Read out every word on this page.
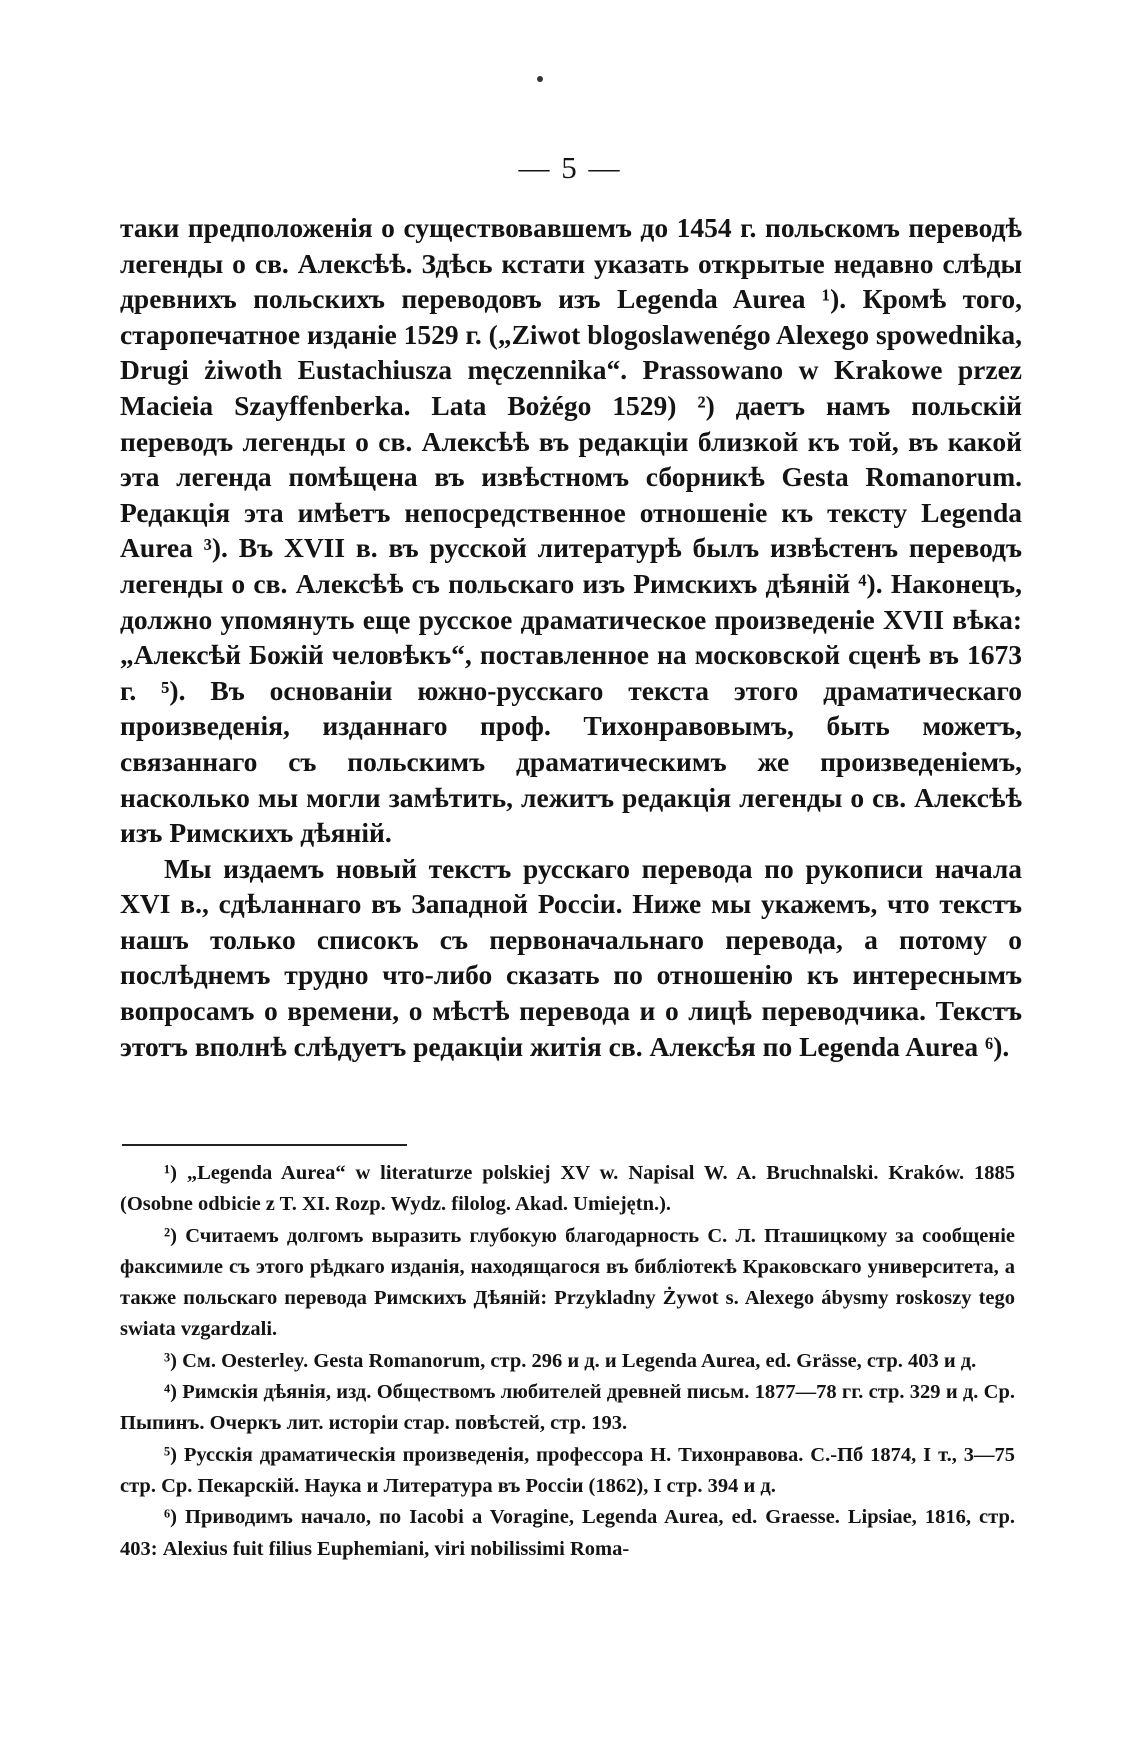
— 5 —

таки предположенія о существовавшемъ до 1454 г. польскомъ переводѣ легенды о св. Алексѣѣ. Здѣсь кстати указать открытые недавно слѣды древнихъ польскихъ переводовъ изъ Legenda Aurea ¹). Кромѣ того, старопечатное изданіе 1529 г. („Ziwot blogoslawenégo Alexego spowednika, Drugi żiwoth Eustachiusza męczennika“. Prassowano w Krakowe przez Macieia Szayffenberka. Lata Bożégo 1529) ²) даетъ намъ польскій переводъ легенды о св. Алексѣѣ въ редакціи близкой къ той, въ какой эта легенда помѣщена въ извѣстномъ сборникѣ Gesta Romanorum. Редакція эта имѣетъ непосредственное отношеніе къ тексту Legenda Aurea ³). Въ XVII в. въ русской литературѣ былъ извѣстенъ переводъ легенды о св. Алексѣѣ съ польскаго изъ Римскихъ дѣяній ⁴). Наконецъ, должно упомянуть еще русское драматическое произведеніе XVII вѣка: „Алексѣй Божій человѣкъ“, поставленное на московской сценѣ въ 1673 г. ⁵). Въ основаніи южно-русскаго текста этого драматическаго произведенія, изданнаго проф. Тихонравовымъ, быть можетъ, связаннаго съ польскимъ драматическимъ же произведеніемъ, насколько мы могли замѣтить, лежитъ редакція легенды о св. Алексѣѣ изъ Римскихъ дѣяній.

Мы издаемъ новый текстъ русскаго перевода по рукописи начала XVI в., сдѣланнаго въ Западной Россіи. Ниже мы укажемъ, что текстъ нашъ только списокъ съ первоначальнаго перевода, а потому о послѣднемъ трудно что-либо сказать по отношенію къ интереснымъ вопросамъ о времени, о мѣстѣ перевода и о лицѣ переводчика. Текстъ этотъ вполнѣ слѣдуетъ редакціи житія св. Алексѣя по Legenda Aurea ⁶).

¹) „Legenda Aurea“ w literaturze polskiej XV w. Napisal W. A. Bruchnalski. Kraków. 1885 (Osobne odbicie z T. XI. Rozp. Wydz. filolog. Akad. Umiejętn.).

²) Считаемъ долгомъ выразить глубокую благодарность С. Л. Пташицкому за сообщеніе факсимиле съ этого рѣдкаго изданія, находящагося въ библіотекѣ Краковскаго университета, а также польскаго перевода Римскихъ Дѣяній: Przykladny Żywot s. Alexego ábysmy roskoszy tego swiata vzgardzali.

³) См. Oesterley. Gesta Romanorum, стр. 296 и д. и Legenda Aurea, ed. Grässe, стр. 403 и д.

⁴) Римскія дѣянія, изд. Обществомъ любителей древней письм. 1877—78 гг. стр. 329 и д. Ср. Пыпинъ. Очеркъ лит. исторіи стар. повѣстей, стр. 193.

⁵) Русскія драматическія произведенія, профессора Н. Тихонравова. С.-Пб 1874, I т., 3—75 стр. Ср. Пекарскій. Наука и Литература въ Россіи (1862), I стр. 394 и д.

⁶) Приводимъ начало, по Iacobi a Voragine, Legenda Aurea, ed. Graesse. Lipsiae, 1816, стр. 403: Alexius fuit filius Euphemiani, viri nobilissimi Roma-
